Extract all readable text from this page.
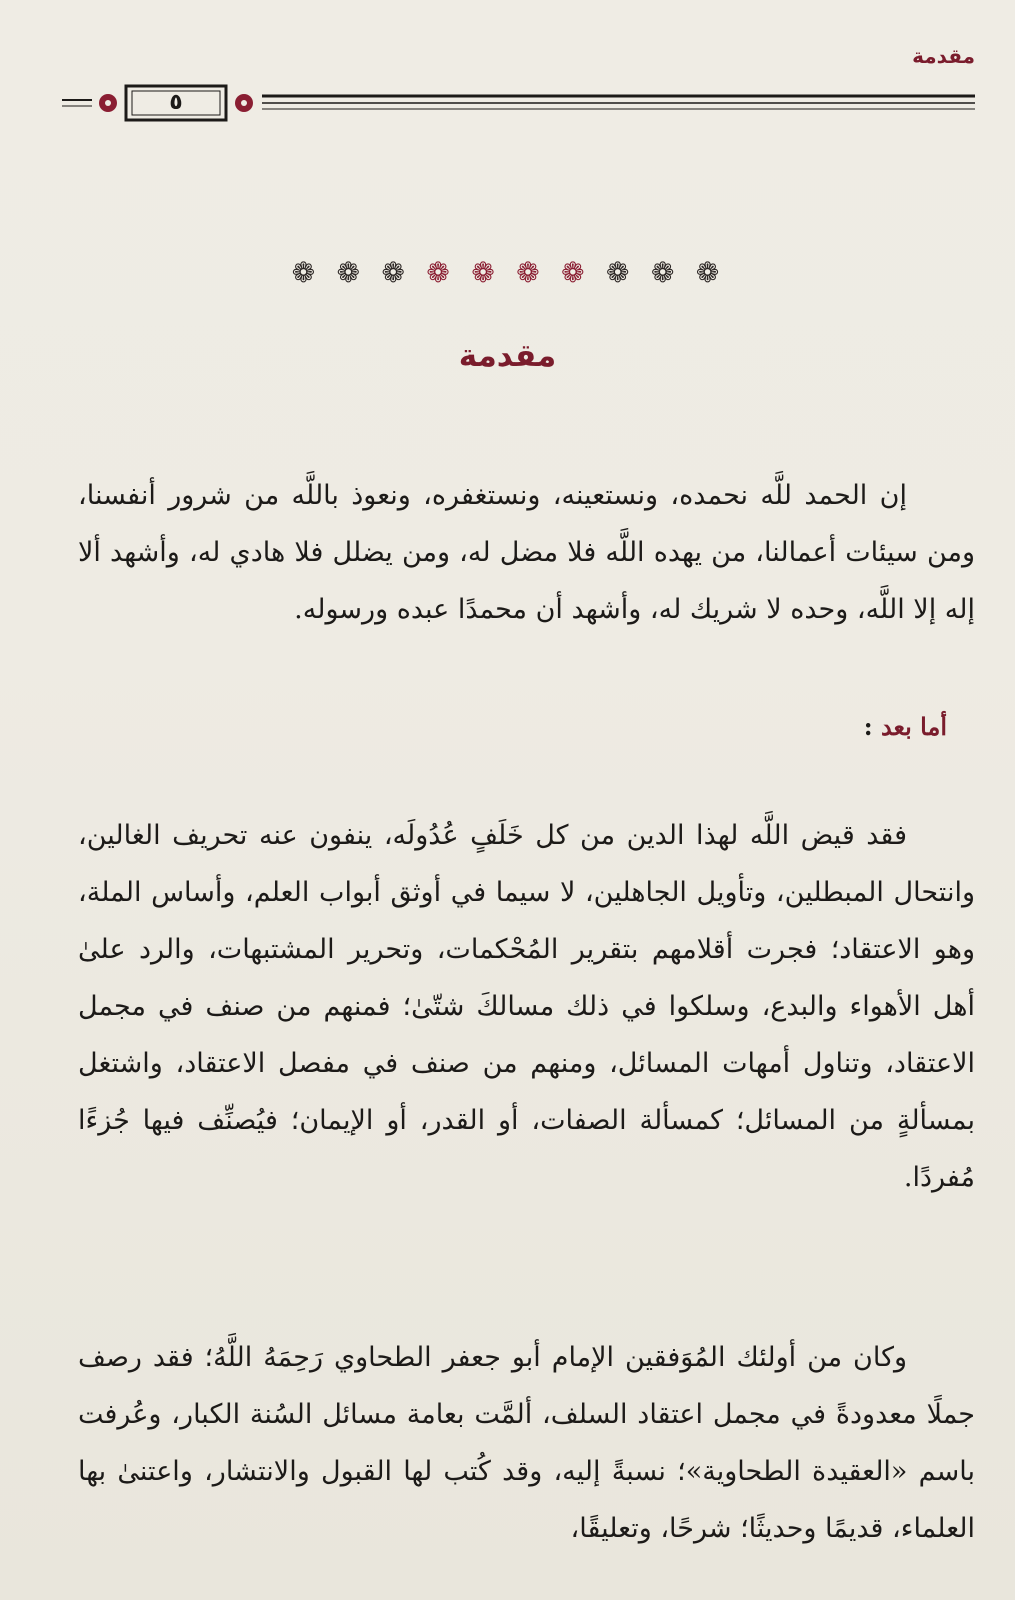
مقدمة
٥
❁ ❁ ❁ ❁ ❁ ❁ ❁ ❁ ❁ ❁
مقدمة

إن الحمد للَّه نحمده، ونستعينه، ونستغفره، ونعوذ باللَّه من شرور أنفسنا، ومن سيئات أعمالنا، من يهده اللَّه فلا مضل له، ومن يضلل فلا هادي له، وأشهد ألا إله إلا اللَّه، وحده لا شريك له، وأشهد أن محمدًا عبده ورسوله.

أما بعد :

فقد قيض اللَّه لهذا الدين من كل خَلَفٍ عُدُولَه، ينفون عنه تحريف الغالين، وانتحال المبطلين، وتأويل الجاهلين، لا سيما في أوثق أبواب العلم، وأساس الملة، وهو الاعتقاد؛ فجرت أقلامهم بتقرير المُحْكمات، وتحرير المشتبهات، والرد علىٰ أهل الأهواء والبدع، وسلكوا في ذلك مسالكَ شتّىٰ؛ فمنهم من صنف في مجمل الاعتقاد، وتناول أمهات المسائل، ومنهم من صنف في مفصل الاعتقاد، واشتغل بمسألةٍ من المسائل؛ كمسألة الصفات، أو القدر، أو الإيمان؛ فيُصنِّف فيها جُزءًا مُفردًا.

وكان من أولئك المُوَفقين الإمام أبو جعفر الطحاوي رَحِمَهُ اللَّهُ؛ فقد رصف جملًا معدودةً في مجمل اعتقاد السلف، ألمَّت بعامة مسائل السُنة الكبار، وعُرفت باسم «العقيدة الطحاوية»؛ نسبةً إليه، وقد كُتب لها القبول والانتشار، واعتنىٰ بها العلماء، قديمًا وحديثًا؛ شرحًا، وتعليقًا،
